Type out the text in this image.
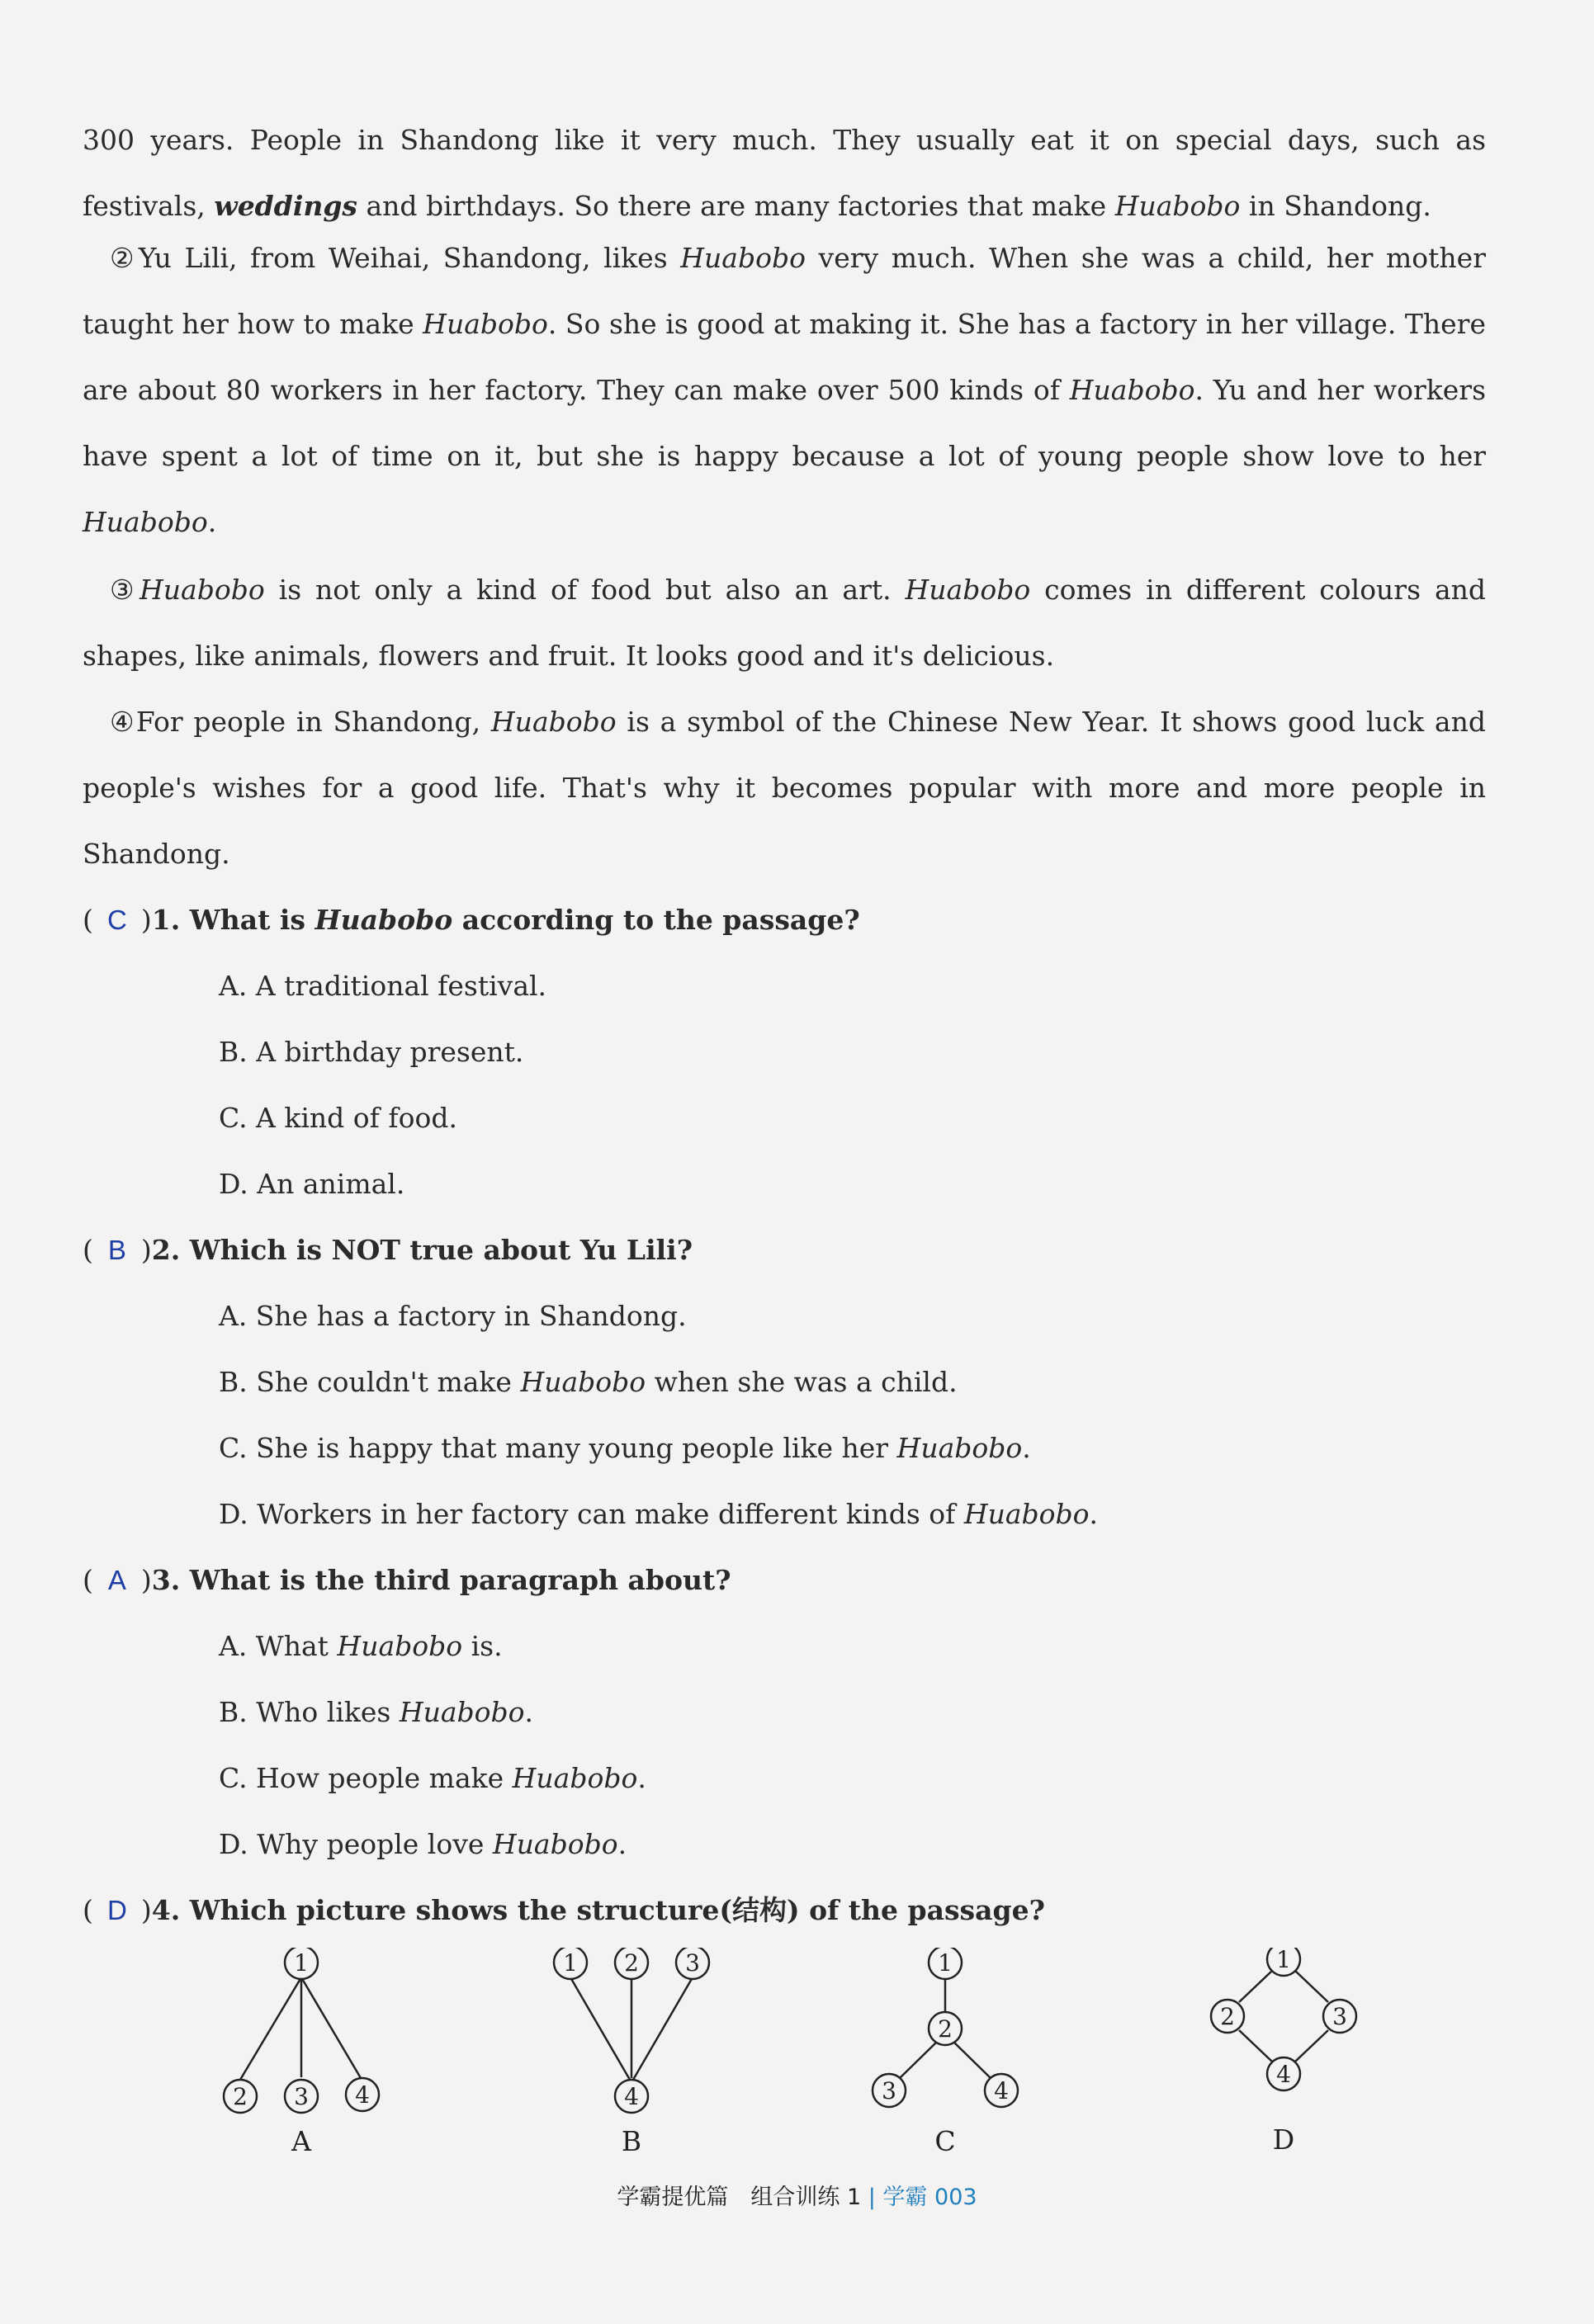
300 years. People in Shandong like it very much. They usually eat it on special days, such as festivals, weddings and birthdays. So there are many factories that make Huabobo in Shandong.
②Yu Lili, from Weihai, Shandong, likes Huabobo very much. When she was a child, her mother taught her how to make Huabobo. So she is good at making it. She has a factory in her village. There are about 80 workers in her factory. They can make over 500 kinds of Huabobo. Yu and her workers have spent a lot of time on it, but she is happy because a lot of young people show love to her Huabobo.
③Huabobo is not only a kind of food but also an art. Huabobo comes in different colours and shapes, like animals, flowers and fruit. It looks good and it's delicious.
④For people in Shandong, Huabobo is a symbol of the Chinese New Year. It shows good luck and people's wishes for a good life. That's why it becomes popular with more and more people in Shandong.
( C )1. What is Huabobo according to the passage?
A. A traditional festival.
B. A birthday present.
C. A kind of food.
D. An animal.
( B )2. Which is NOT true about Yu Lili?
A. She has a factory in Shandong.
B. She couldn't make Huabobo when she was a child.
C. She is happy that many young people like her Huabobo.
D. Workers in her factory can make different kinds of Huabobo.
( A )3. What is the third paragraph about?
A. What Huabobo is.
B. Who likes Huabobo.
C. How people make Huabobo.
D. Why people love Huabobo.
( D )4. Which picture shows the structure(结构) of the passage?
1
2 3 4
A
1 2 3
4
B
1
2
3	4
C
1
2	3
4
D
学霸提优篇　组合训练 1 | 学霸 003
